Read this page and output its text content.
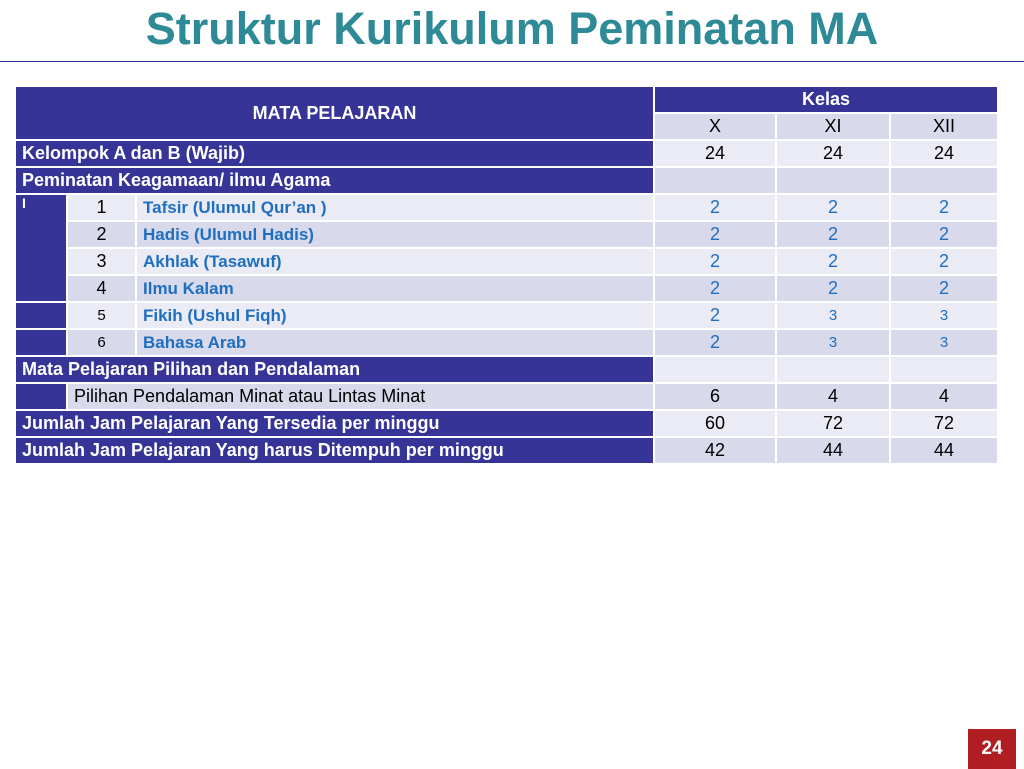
Struktur Kurikulum Peminatan MA
MATA PELAJARAN			Kelas		
			X	XI	XII
Kelompok A dan B (Wajib)			24	24	24
Peminatan Keagamaan/ ilmu Agama					
I	1	Tafsir (Ulumul Qur’an )	2	2	2
	2	Hadis (Ulumul Hadis)	2	2	2
	3	Akhlak (Tasawuf)	2	2	2
	4	Ilmu Kalam	2	2	2
	5	Fikih (Ushul Fiqh)	2	3	3
	6	Bahasa Arab	2	3	3
Mata Pelajaran Pilihan dan Pendalaman					
	Pilihan Pendalaman Minat atau Lintas Minat		6	4	4
Jumlah Jam Pelajaran Yang Tersedia per minggu			60	72	72
Jumlah Jam Pelajaran Yang harus Ditempuh per minggu			42	44	44
24
